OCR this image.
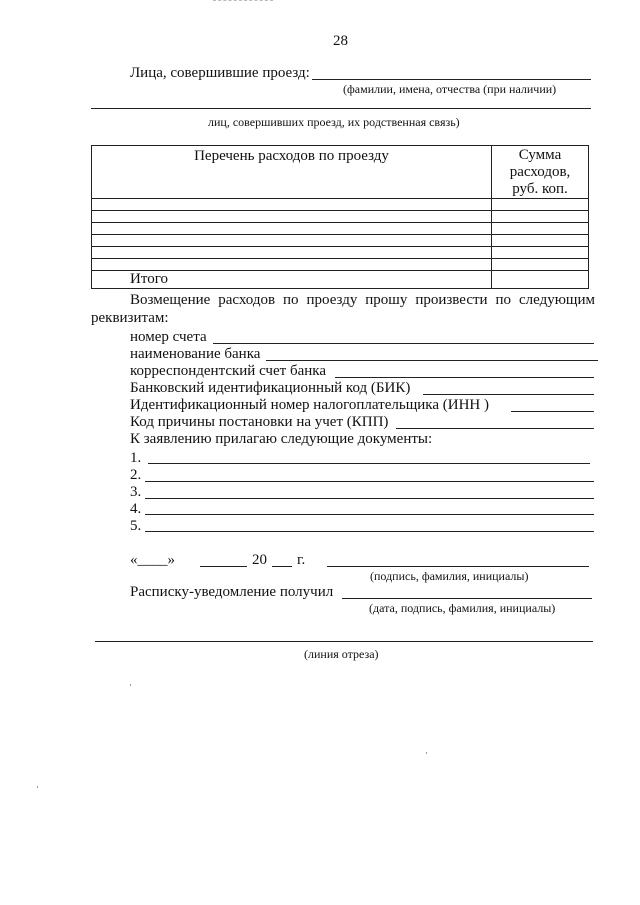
28
Лица, совершившие проезд:
(фамилии, имена, отчества (при наличии)
лиц, совершивших проезд, их родственная связь)
Перечень расходов по проезду	Сумма расходов,
руб. коп.

Итого	
Возмещение расходов по проезду прошу произвести по следующим
реквизитам:
номер счета
наименование банка
корреспондентский счет банка
Банковский идентификационный код (БИК)
Идентификационный номер налогоплательщика (ИНН )
Код причины постановки на учет (КПП)
К заявлению прилагаю следующие документы:
1.
2.
3.
4.
5.
«____»	20 г.
(подпись, фамилия, инициалы)
Расписку-уведомление получил
(дата, подпись, фамилия, инициалы)
(линия отреза)
